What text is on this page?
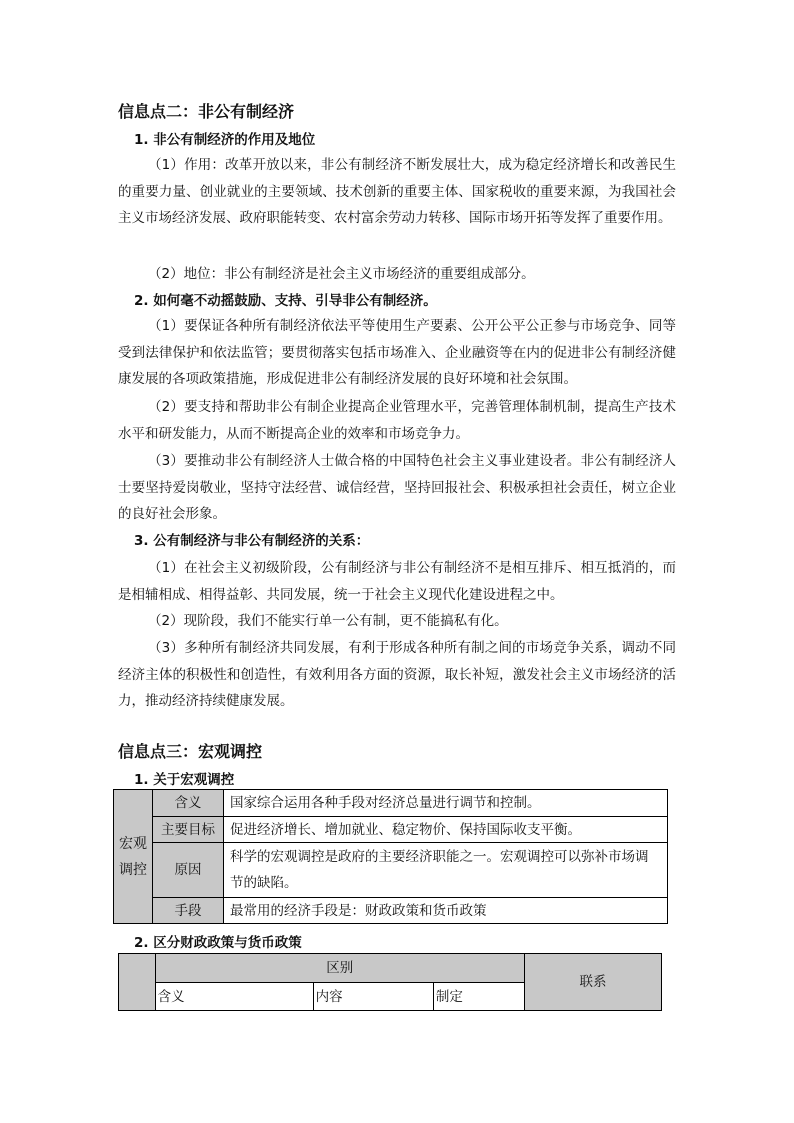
信息点二：非公有制经济
1. 非公有制经济的作用及地位
（1）作用：改革开放以来，非公有制经济不断发展壮大，成为稳定经济增长和改善民生的重要力量、创业就业的主要领域、技术创新的重要主体、国家税收的重要来源，为我国社会主义市场经济发展、政府职能转变、农村富余劳动力转移、国际市场开拓等发挥了重要作用。
（2）地位：非公有制经济是社会主义市场经济的重要组成部分。
2. 如何毫不动摇鼓励、支持、引导非公有制经济。
（1）要保证各种所有制经济依法平等使用生产要素、公开公平公正参与市场竞争、同等受到法律保护和依法监管；要贯彻落实包括市场准入、企业融资等在内的促进非公有制经济健康发展的各项政策措施，形成促进非公有制经济发展的良好环境和社会氛围。
（2）要支持和帮助非公有制企业提高企业管理水平，完善管理体制机制，提高生产技术水平和研发能力，从而不断提高企业的效率和市场竞争力。
（3）要推动非公有制经济人士做合格的中国特色社会主义事业建设者。非公有制经济人士要坚持爱岗敬业，坚持守法经营、诚信经营，坚持回报社会、积极承担社会责任，树立企业的良好社会形象。
3. 公有制经济与非公有制经济的关系：
（1）在社会主义初级阶段，公有制经济与非公有制经济不是相互排斥、相互抵消的，而是相辅相成、相得益彰、共同发展，统一于社会主义现代化建设进程之中。
（2）现阶段，我们不能实行单一公有制，更不能搞私有化。
（3）多种所有制经济共同发展，有利于形成各种所有制之间的市场竞争关系，调动不同经济主体的积极性和创造性，有效利用各方面的资源，取长补短，激发社会主义市场经济的活力，推动经济持续健康发展。
信息点三：宏观调控
1. 关于宏观调控
宏观调控	含义	国家综合运用各种手段对经济总量进行调节和控制。
	主要目标	促进经济增长、增加就业、稳定物价、保持国际收支平衡。
	原因	科学的宏观调控是政府的主要经济职能之一。宏观调控可以弥补市场调节的缺陷。
	手段	最常用的经济手段是：财政政策和货币政策
2. 区分财政政策与货币政策
	区别			联系
	含义	内容	制定	
